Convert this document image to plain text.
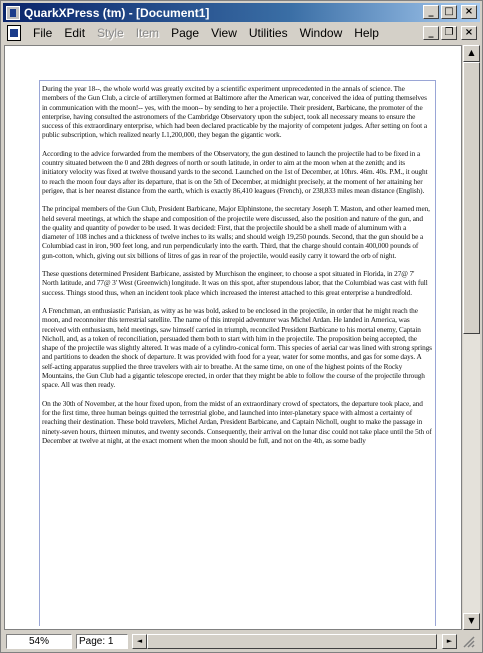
QuarkXPress (tm) - [Document1]	_	□	×
File	Edit	Style	Item	Page	View	Utilities	Window	Help	_	❐	×

During the year 18--, the whole world was greatly excited by a scientific experiment unprecedented in the annals of science. The members of the Gun Club, a circle of artillerymen formed at Baltimore after the American war, conceived the idea of putting themselves in communication with the moon!-- yes, with the moon-- by sending to her a projectile. Their president, Barbicane, the promoter of the enterprise, having consulted the astronomers of the Cambridge Observatory upon the subject, took all necessary means to ensure the success of this extraordinary enterprise, which had been declared practicable by the majority of competent judges. After setting on foot a public subscription, which realized nearly L1,200,000, they began the gigantic work.

According to the advice forwarded from the members of the Observatory, the gun destined to launch the projectile had to be fixed in a country situated between the 0 and 28th degrees of north or south latitude, in order to aim at the moon when at the zenith; and its initiatory velocity was fixed at twelve thousand yards to the second. Launched on the 1st of December, at 10hrs. 46m. 40s. P.M., it ought to reach the moon four days after its departure, that is on the 5th of December, at midnight precisely, at the moment of her attaining her perigee, that is her nearest distance from the earth, which is exactly 86,410 leagues (French), or 238,833 miles mean distance (English).

The principal members of the Gun Club, President Barbicane, Major Elphinstone, the secretary Joseph T. Maston, and other learned men, held several meetings, at which the shape and composition of the projectile were discussed, also the position and nature of the gun, and the quality and quantity of powder to be used. It was decided: First, that the projectile should be a shell made of aluminum with a diameter of 108 inches and a thickness of twelve inches to its walls; and should weigh 19,250 pounds. Second, that the gun should be a Columbiad cast in iron, 900 feet long, and run perpendicularly into the earth. Third, that the charge should contain 400,000 pounds of gun-cotton, which, giving out six billions of litres of gas in rear of the projectile, would easily carry it toward the orb of night.

These questions determined President Barbicane, assisted by Murchison the engineer, to choose a spot situated in Florida, in 27@ 7' North latitude, and 77@ 3' West (Greenwich) longitude. It was on this spot, after stupendous labor, that the Columbiad was cast with full success. Things stood thus, when an incident took place which increased the interest attached to this great enterprise a hundredfold.

A Frenchman, an enthusiastic Parisian, as witty as he was bold, asked to be enclosed in the projectile, in order that he might reach the moon, and reconnoiter this terrestrial satellite. The name of this intrepid adventurer was Michel Ardan. He landed in America, was received with enthusiasm, held meetings, saw himself carried in triumph, reconciled President Barbicane to his mortal enemy, Captain Nicholl, and, as a token of reconciliation, persuaded them both to start with him in the projectile. The proposition being accepted, the shape of the projectile was slightly altered. It was made of a cylindro-conical form. This species of aerial car was lined with strong springs and partitions to deaden the shock of departure. It was provided with food for a year, water for some months, and gas for some days. A self-acting apparatus supplied the three travelers with air to breathe. At the same time, on one of the highest points of the Rocky Mountains, the Gun Club had a gigantic telescope erected, in order that they might be able to follow the course of the projectile through space. All was then ready.

On the 30th of November, at the hour fixed upon, from the midst of an extraordinary crowd of spectators, the departure took place, and for the first time, three human beings quitted the terrestrial globe, and launched into inter-planetary space with almost a certainty of reaching their destination. These bold travelers, Michel Ardan, President Barbicane, and Captain Nicholl, ought to make the passage in ninety-seven hours, thirteen minutes, and twenty seconds. Consequently, their arrival on the lunar disc could not take place until the 5th of December at twelve at night, at the exact moment when the moon should be full, and not on the 4th, as some badly

▲
▼
54%	Page: 1	◄	►
